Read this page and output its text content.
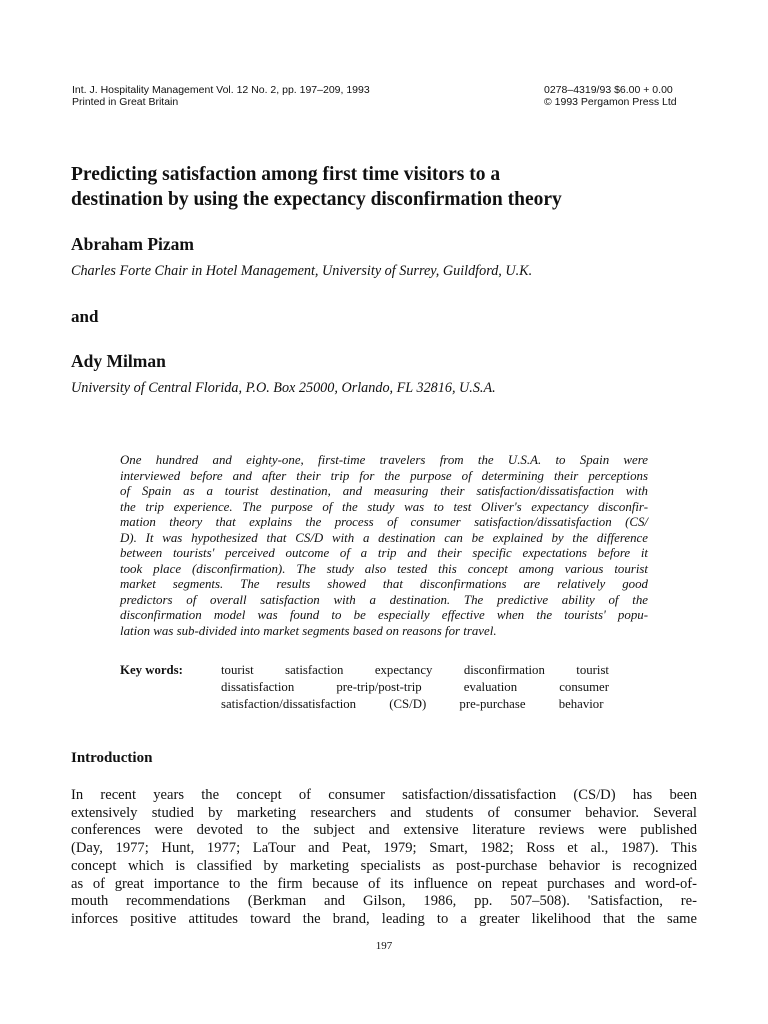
Int. J. Hospitality Management Vol. 12 No. 2, pp. 197–209, 1993
Printed in Great Britain
0278–4319/93 $6.00 + 0.00
© 1993 Pergamon Press Ltd
Predicting satisfaction among first time visitors to a
destination by using the expectancy disconfirmation theory
Abraham Pizam
Charles Forte Chair in Hotel Management, University of Surrey, Guildford, U.K.
and
Ady Milman
University of Central Florida, P.O. Box 25000, Orlando, FL 32816, U.S.A.
One hundred and eighty-one, first-time travelers from the U.S.A. to Spain were
interviewed before and after their trip for the purpose of determining their perceptions
of Spain as a tourist destination, and measuring their satisfaction/dissatisfaction with
the trip experience. The purpose of the study was to test Oliver's expectancy disconfir-
mation theory that explains the process of consumer satisfaction/dissatisfaction (CS/
D). It was hypothesized that CS/D with a destination can be explained by the difference
between tourists' perceived outcome of a trip and their specific expectations before it
took place (disconfirmation). The study also tested this concept among various tourist
market segments. The results showed that disconfirmations are relatively good
predictors of overall satisfaction with a destination. The predictive ability of the
disconfirmation model was found to be especially effective when the tourists' popu-
lation was sub-divided into market segments based on reasons for travel.
Key words:	tourist satisfaction expectancy disconfirmation tourist
dissatisfaction pre-trip/post-trip evaluation consumer
satisfaction/dissatisfaction (CS/D) pre-purchase behavior
Introduction
In recent years the concept of consumer satisfaction/dissatisfaction (CS/D) has been
extensively studied by marketing researchers and students of consumer behavior. Several
conferences were devoted to the subject and extensive literature reviews were published
(Day, 1977; Hunt, 1977; LaTour and Peat, 1979; Smart, 1982; Ross et al., 1987). This
concept which is classified by marketing specialists as post-purchase behavior is recognized
as of great importance to the firm because of its influence on repeat purchases and word-of-
mouth recommendations (Berkman and Gilson, 1986, pp. 507–508). 'Satisfaction, re-
inforces positive attitudes toward the brand, leading to a greater likelihood that the same
197
